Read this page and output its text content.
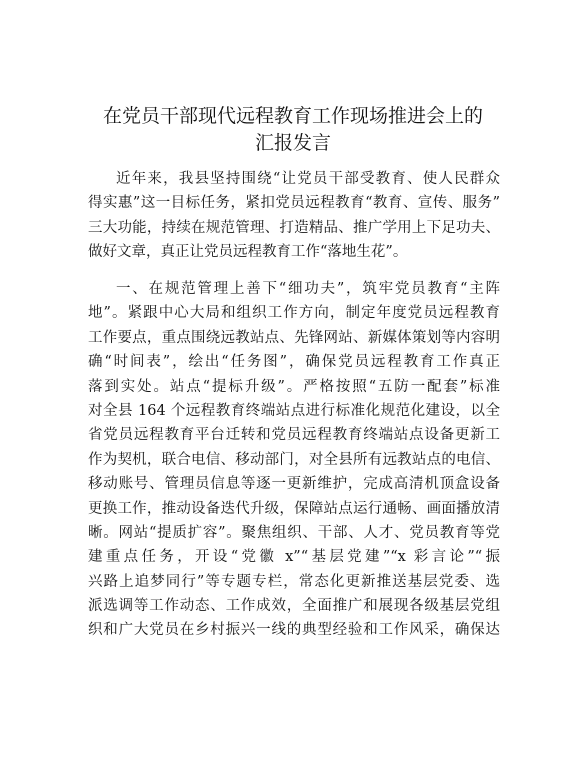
在党员干部现代远程教育工作现场推进会上的
汇报发言
近年来，我县坚持围绕“让党员干部受教育、使人民群众
得实惠”这一目标任务，紧扣党员远程教育“教育、宣传、服务”
三大功能，持续在规范管理、打造精品、推广学用上下足功夫、
做好文章，真正让党员远程教育工作“落地生花”。
一、在规范管理上善下“细功夫”，筑牢党员教育“主阵
地”。紧跟中心大局和组织工作方向，制定年度党员远程教育
工作要点，重点围绕远教站点、先锋网站、新媒体策划等内容明
确“时间表”，绘出“任务图”，确保党员远程教育工作真正
落到实处。站点“提标升级”。严格按照“五防一配套”标准
对全县 164 个远程教育终端站点进行标准化规范化建设，以全
省党员远程教育平台迁转和党员远程教育终端站点设备更新工
作为契机，联合电信、移动部门，对全县所有远教站点的电信、
移动账号、管理员信息等逐一更新维护，完成高清机顶盒设备
更换工作，推动设备迭代升级，保障站点运行通畅、画面播放清
晰。网站“提质扩容”。聚焦组织、干部、人才、党员教育等党
建重点任务，开设“党徽 x”“基层党建”“x 彩言论”“振
兴路上追梦同行”等专题专栏，常态化更新推送基层党委、选
派选调等工作动态、工作成效，全面推广和展现各级基层党组
织和广大党员在乡村振兴一线的典型经验和工作风采，确保达
